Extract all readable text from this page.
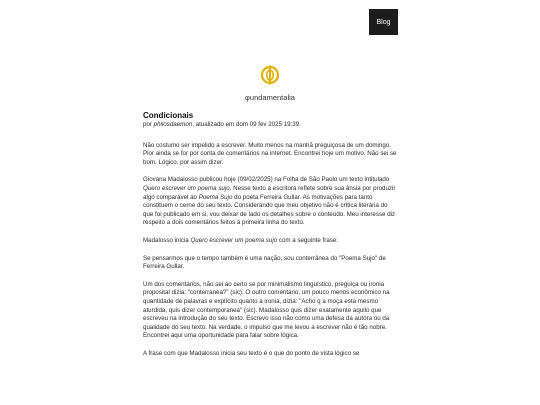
Blog
φundamentalia
Condicionais
por philosdaemon, atualizado em dom 09 fev 2025 19:39.

Não costumo ser impelido a escrever. Muito menos na manhã preguiçosa de um domingo. Pior ainda se for por conta de comentários na internet. Encontrei hoje um motivo. Não sei se bom. Lógico, por assim dizer.

Giovana Madalosso publicou hoje (09/02/2025) na Folha de São Paulo um texto intitulado Quero escrever um poema sujo. Nesse texto a escritora reflete sobre sua ânsia por produzir algo comparável ao Poema Sujo do poeta Ferreira Gullar. As motivações para tanto constituem o cerne do seu texto. Considerando que meu objetivo não é crítica literária do que foi publicado em si, vou deixar de lado os detalhes sobre o conteúdo. Meu interesse diz respeito a dois comentários feitos à primeira linha do texto.

Madalosso inicia Quero escrever um poema sujo com a seguinte frase:

Se pensarmos que o tempo também é uma nação, sou conterrânea do "Poema Sujo" de Ferreira Gullar.

Um dos comentários, não sei ao certo se por minimalismo linguístico, preguiça ou ironia proposital dizia: "conterranea?" (sic). O outro comentário, um pouco menos econômico na quantidade de palavras e explícito quanto a ironia, dizia: "Acho q a moça esta mesmo aturdida, quis dizer contemporanea" (sic). Madalosso quis dizer exatamente aquilo que escreveu na introdução do seu texto. Escrevo isso não como uma defesa da autora ou da qualidade do seu texto. Na verdade, o impulso que me levou a escrever não é tão nobre. Encontrei aqui uma oportunidade para falar sobre lógica.

A frase com que Madalosso inicia seu texto é o que do ponto de vista lógico se
